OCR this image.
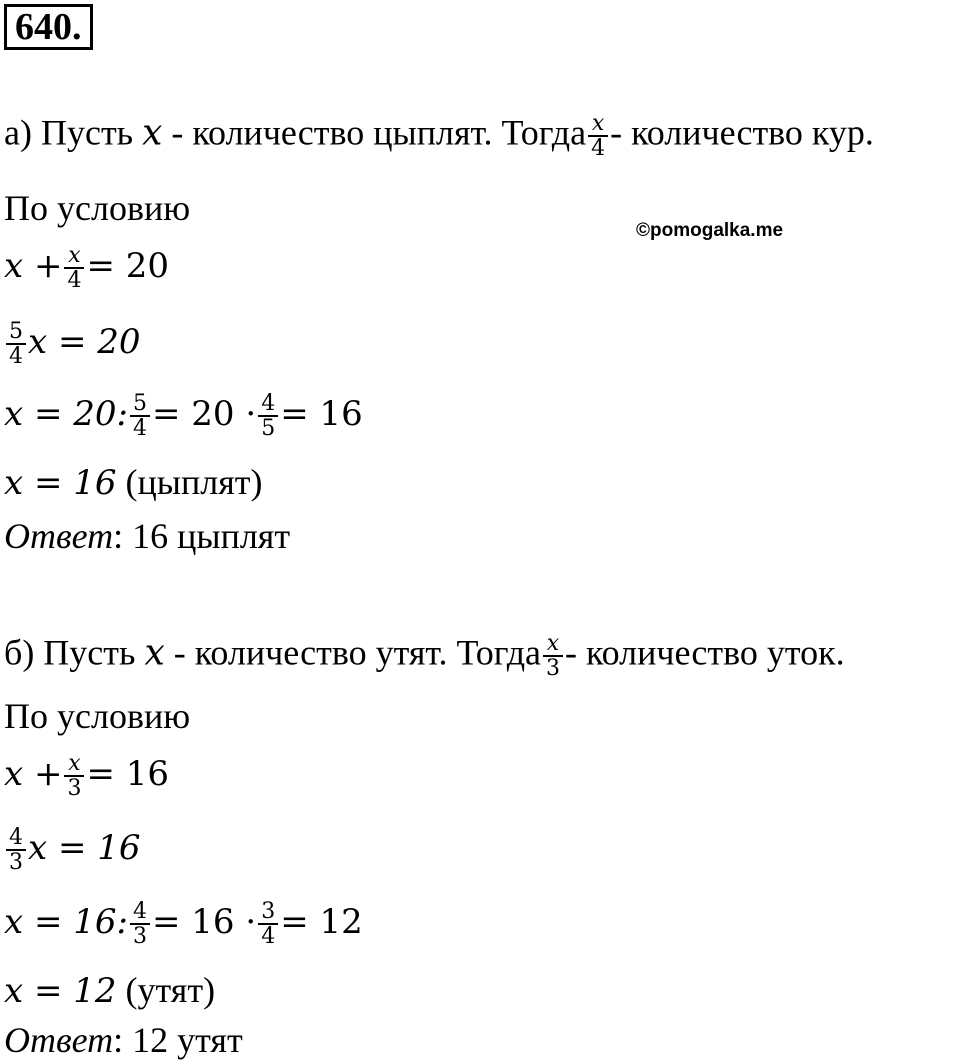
640.
©pomogalka.me
а) Пусть x - количество цыплят. Тогда $\frac{x}{4}$ - количество кур.
По условию
$x + \frac{x}{4} = 20$
$\frac{5}{4}$ x = 20
x = 20: $\frac{5}{4} = 20 \cdot \frac{4}{5} = 16$
x = 16 (цыплят)
Ответ: 16 цыплят
б) Пусть x - количество утят. Тогда $\frac{x}{3}$ - количество уток.
По условию
$x + \frac{x}{3} = 16$
$\frac{4}{3}$ x = 16
x = 16: $\frac{4}{3} = 16 \cdot \frac{3}{4} = 12$
x = 12 (утят)
Ответ: 12 утят
